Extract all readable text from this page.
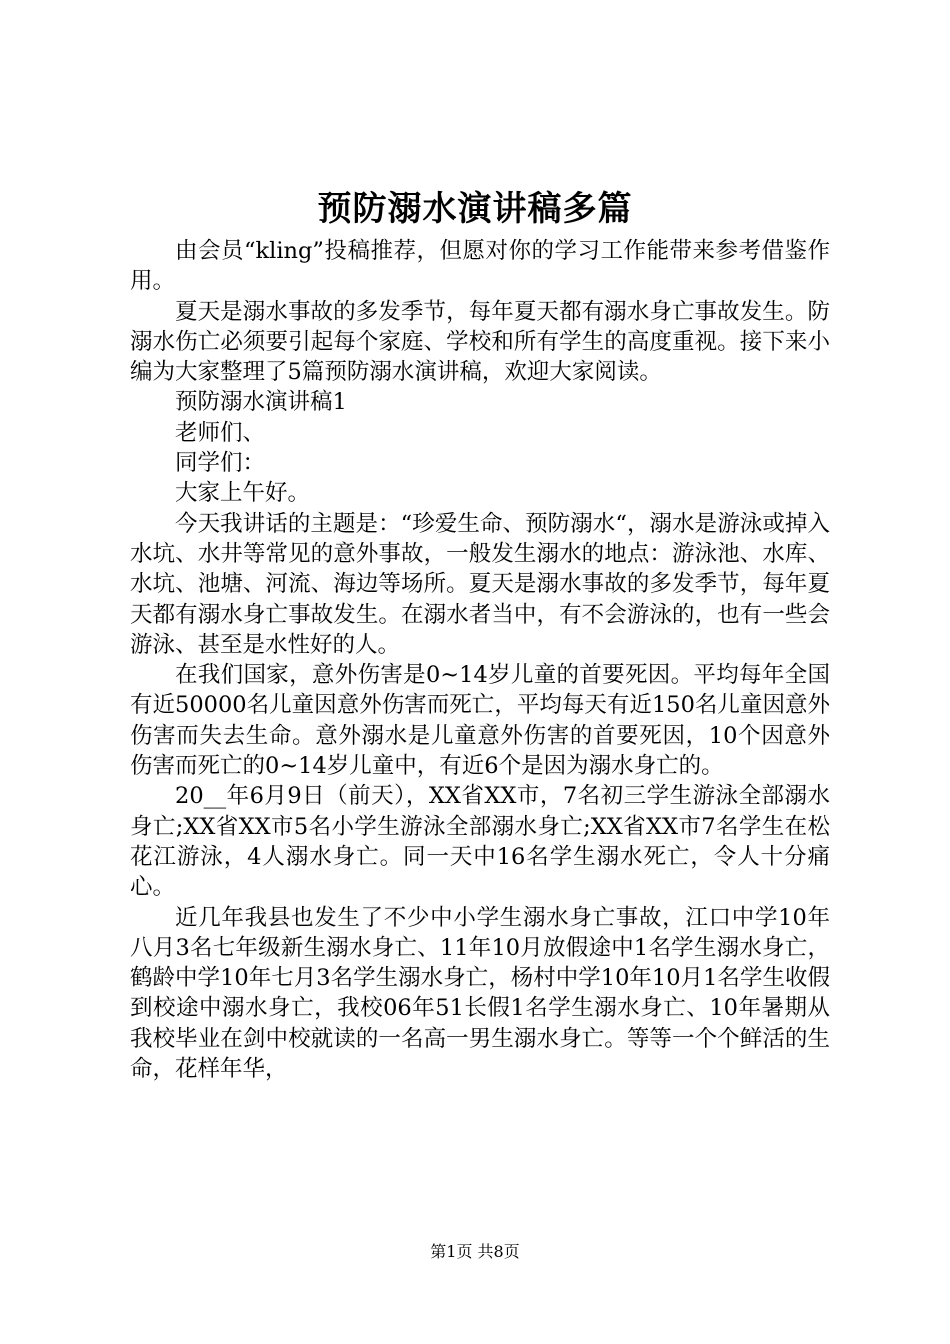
预防溺水演讲稿多篇

由会员“kling”投稿推荐，但愿对你的学习工作能带来参考借鉴作用。

夏天是溺水事故的多发季节，每年夏天都有溺水身亡事故发生。防溺水伤亡必须要引起每个家庭、学校和所有学生的高度重视。接下来小编为大家整理了5篇预防溺水演讲稿，欢迎大家阅读。

预防溺水演讲稿1

老师们、

同学们：

大家上午好。

今天我讲话的主题是：“珍爱生命、预防溺水“，溺水是游泳或掉入水坑、水井等常见的意外事故，一般发生溺水的地点：游泳池、水库、水坑、池塘、河流、海边等场所。夏天是溺水事故的多发季节，每年夏天都有溺水身亡事故发生。在溺水者当中，有不会游泳的，也有一些会游泳、甚至是水性好的人。

在我们国家，意外伤害是0~14岁儿童的首要死因。平均每年全国有近50000名儿童因意外伤害而死亡，平均每天有近150名儿童因意外伤害而失去生命。意外溺水是儿童意外伤害的首要死因，10个因意外伤害而死亡的0~14岁儿童中，有近6个是因为溺水身亡的。

20__年6月9日（前天），XX省XX市，7名初三学生游泳全部溺水身亡;XX省XX市5名小学生游泳全部溺水身亡;XX省XX市7名学生在松花江游泳，4人溺水身亡。同一天中16名学生溺水死亡，令人十分痛心。

近几年我县也发生了不少中小学生溺水身亡事故，江口中学10年八月3名七年级新生溺水身亡、11年10月放假途中1名学生溺水身亡，鹤龄中学10年七月3名学生溺水身亡，杨村中学10年10月1名学生收假到校途中溺水身亡，我校06年51长假1名学生溺水身亡、10年暑期从我校毕业在剑中校就读的一名高一男生溺水身亡。等等一个个鲜活的生命，花样年华，

第1页 共8页
